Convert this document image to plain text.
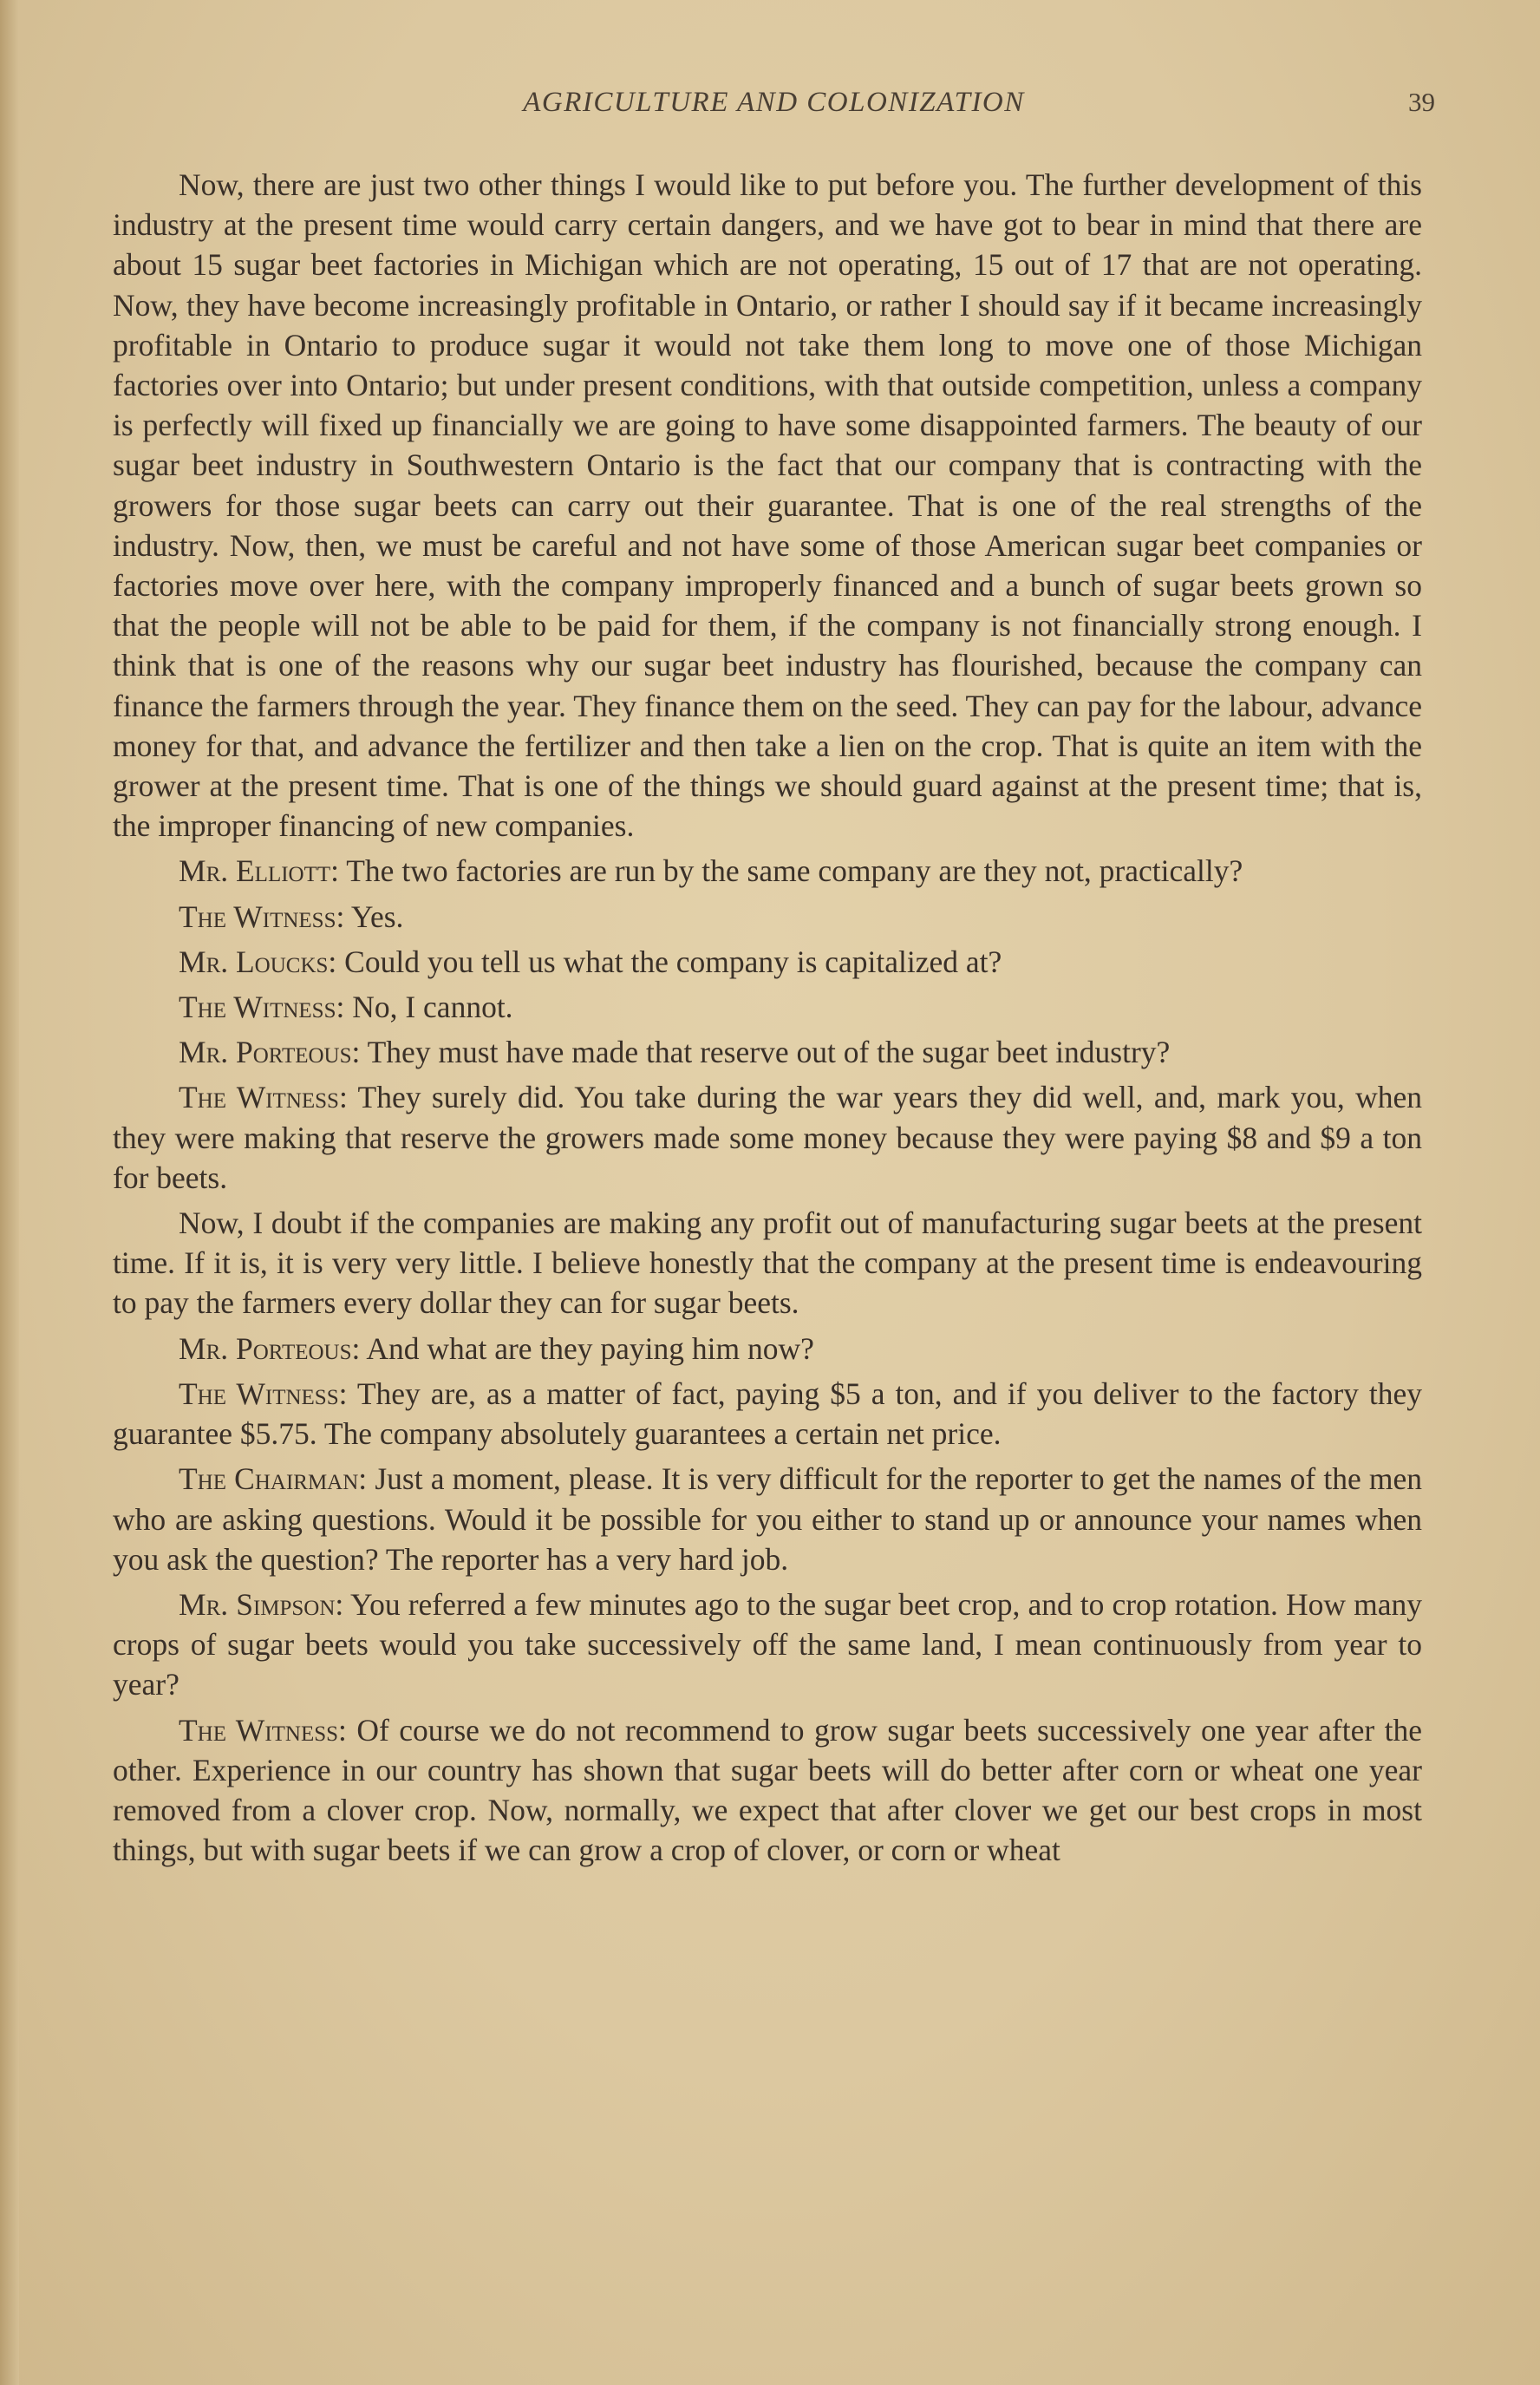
AGRICULTURE AND COLONIZATION	39

Now, there are just two other things I would like to put before you. The further development of this industry at the present time would carry certain dangers, and we have got to bear in mind that there are about 15 sugar beet factories in Michigan which are not operating, 15 out of 17 that are not operating. Now, they have become increasingly profitable in Ontario, or rather I should say if it became increasingly profitable in Ontario to produce sugar it would not take them long to move one of those Michigan factories over into Ontario; but under present conditions, with that outside competition, unless a company is perfectly will fixed up financially we are going to have some disappointed farmers. The beauty of our sugar beet industry in Southwestern Ontario is the fact that our company that is contracting with the growers for those sugar beets can carry out their guarantee. That is one of the real strengths of the industry. Now, then, we must be careful and not have some of those American sugar beet companies or factories move over here, with the company improperly financed and a bunch of sugar beets grown so that the people will not be able to be paid for them, if the company is not financially strong enough. I think that is one of the reasons why our sugar beet industry has flourished, because the company can finance the farmers through the year. They finance them on the seed. They can pay for the labour, advance money for that, and advance the fertilizer and then take a lien on the crop. That is quite an item with the grower at the present time. That is one of the things we should guard against at the present time; that is, the improper financing of new companies.

Mr. Elliott: The two factories are run by the same company are they not, practically?

The Witness: Yes.

Mr. Loucks: Could you tell us what the company is capitalized at?

The Witness: No, I cannot.

Mr. Porteous: They must have made that reserve out of the sugar beet industry?

The Witness: They surely did. You take during the war years they did well, and, mark you, when they were making that reserve the growers made some money because they were paying $8 and $9 a ton for beets.

Now, I doubt if the companies are making any profit out of manufacturing sugar beets at the present time. If it is, it is very very little. I believe honestly that the company at the present time is endeavouring to pay the farmers every dollar they can for sugar beets.

Mr. Porteous: And what are they paying him now?

The Witness: They are, as a matter of fact, paying $5 a ton, and if you deliver to the factory they guarantee $5.75. The company absolutely guarantees a certain net price.

The Chairman: Just a moment, please. It is very difficult for the reporter to get the names of the men who are asking questions. Would it be possible for you either to stand up or announce your names when you ask the question? The reporter has a very hard job.

Mr. Simpson: You referred a few minutes ago to the sugar beet crop, and to crop rotation. How many crops of sugar beets would you take successively off the same land, I mean continuously from year to year?

The Witness: Of course we do not recommend to grow sugar beets successively one year after the other. Experience in our country has shown that sugar beets will do better after corn or wheat one year removed from a clover crop. Now, normally, we expect that after clover we get our best crops in most things, but with sugar beets if we can grow a crop of clover, or corn or wheat
